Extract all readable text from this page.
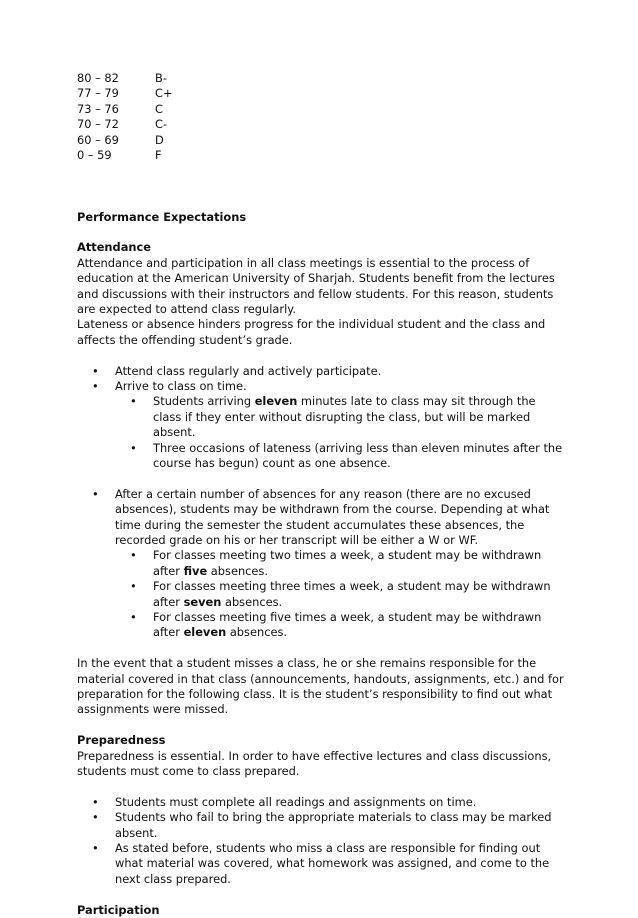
80 – 82	B-
77 – 79	C+
73 – 76	C
70 – 72	C-
60 – 69	D
0 – 59	F

Performance Expectations

Attendance

Attendance and participation in all class meetings is essential to the process of education at the American University of Sharjah. Students benefit from the lectures and discussions with their instructors and fellow students. For this reason, students are expected to attend class regularly.

Lateness or absence hinders progress for the individual student and the class and affects the offending student’s grade.

• Attend class regularly and actively participate.
• Arrive to class on time.
• Students arriving eleven minutes late to class may sit through the class if they enter without disrupting the class, but will be marked absent.
• Three occasions of lateness (arriving less than eleven minutes after the course has begun) count as one absence.
• After a certain number of absences for any reason (there are no excused absences), students may be withdrawn from the course. Depending at what time during the semester the student accumulates these absences, the recorded grade on his or her transcript will be either a W or WF.
• For classes meeting two times a week, a student may be withdrawn after five absences.
• For classes meeting three times a week, a student may be withdrawn after seven absences.
• For classes meeting five times a week, a student may be withdrawn after eleven absences.

In the event that a student misses a class, he or she remains responsible for the material covered in that class (announcements, handouts, assignments, etc.) and for preparation for the following class. It is the student’s responsibility to find out what assignments were missed.

Preparedness

Preparedness is essential. In order to have effective lectures and class discussions, students must come to class prepared.

• Students must complete all readings and assignments on time.
• Students who fail to bring the appropriate materials to class may be marked absent.
• As stated before, students who miss a class are responsible for finding out what material was covered, what homework was assigned, and come to the next class prepared.

Participation
